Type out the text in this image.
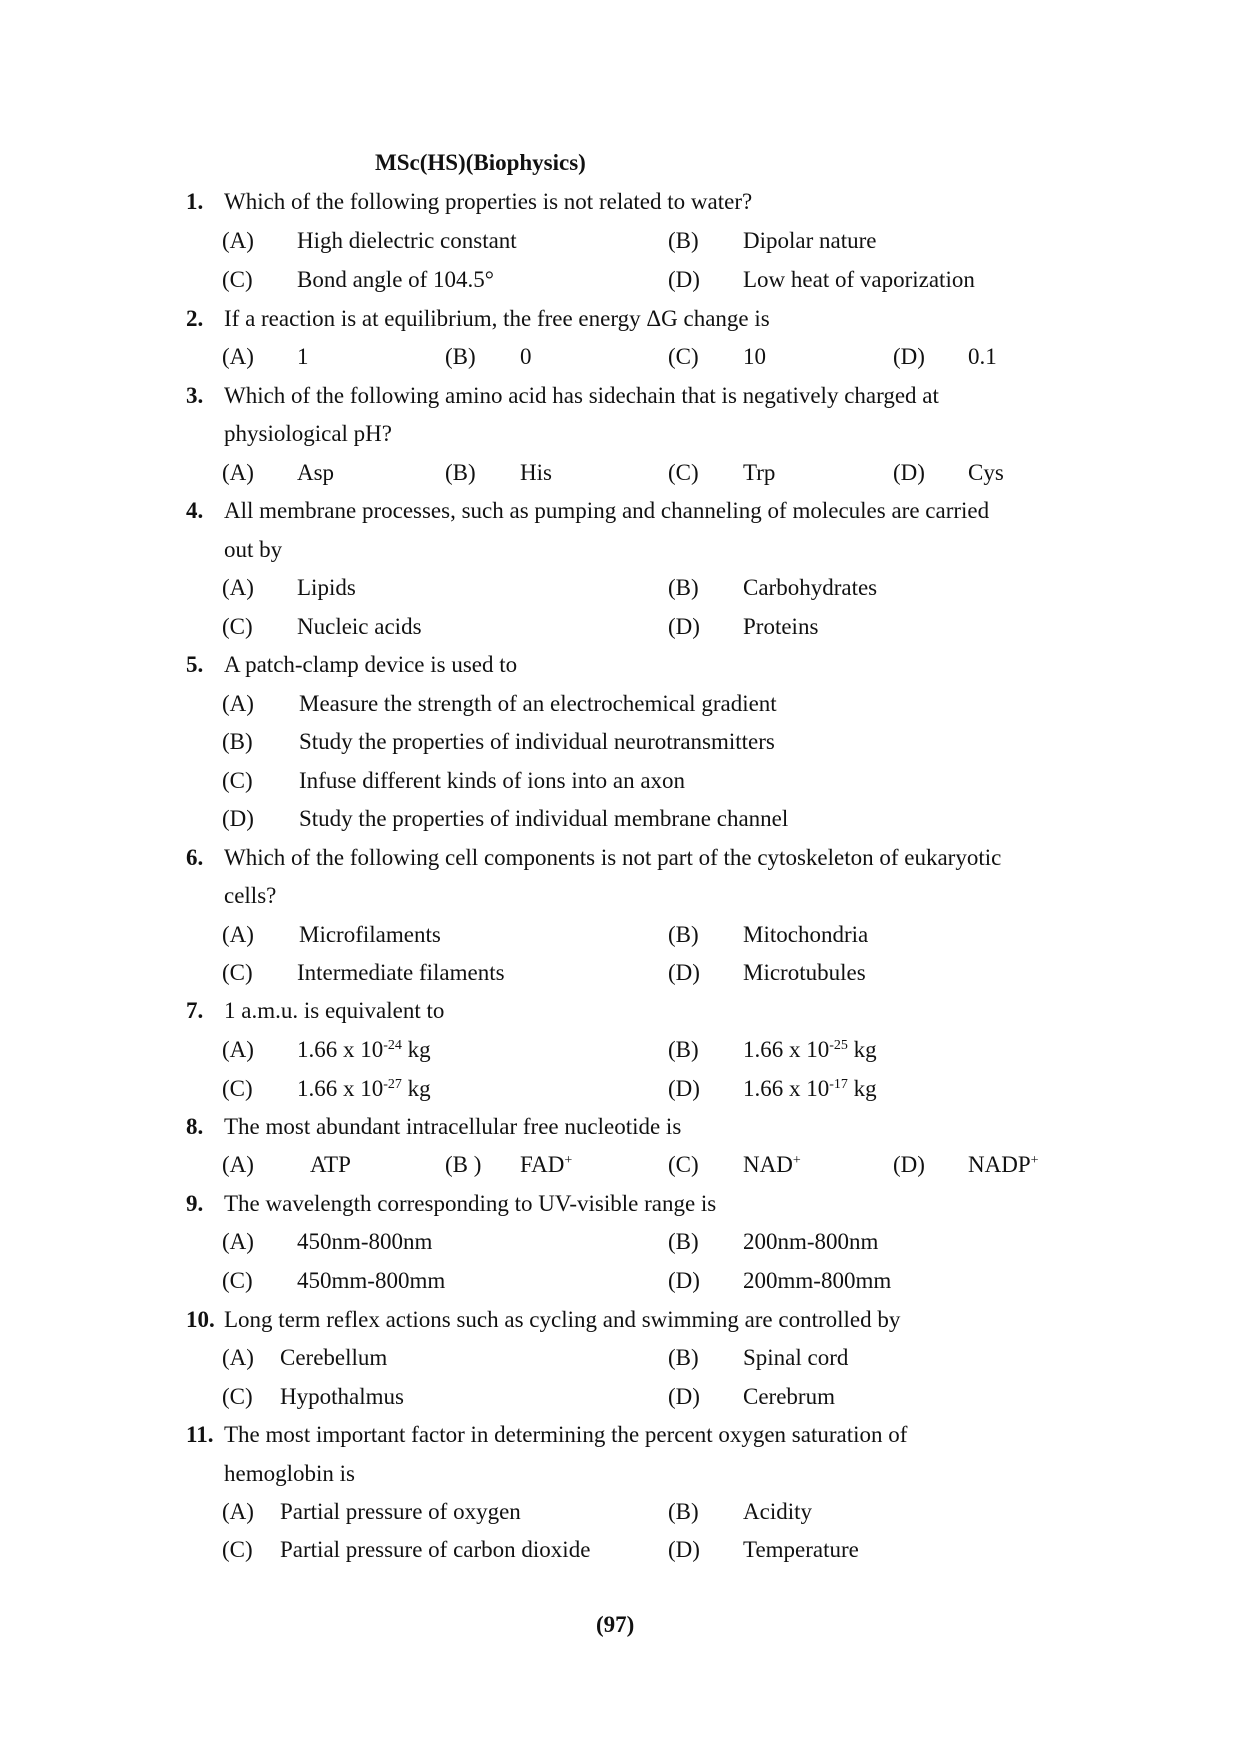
MSc(HS)(Biophysics)
1. Which of the following properties is not related to water?
(A) High dielectric constant	(B) Dipolar nature
(C) Bond angle of 104.5°	(D) Low heat of vaporization
2. If a reaction is at equilibrium, the free energy ΔG change is
(A) 1	(B) 0	(C) 10	(D) 0.1
3. Which of the following amino acid has sidechain that is negatively charged at
physiological pH?
(A) Asp	(B) His	(C) Trp	(D) Cys
4. All membrane processes, such as pumping and channeling of molecules are carried
out by
(A) Lipids	(B) Carbohydrates
(C) Nucleic acids	(D) Proteins
5. A patch-clamp device is used to
(A) Measure the strength of an electrochemical gradient
(B) Study the properties of individual neurotransmitters
(C) Infuse different kinds of ions into an axon
(D) Study the properties of individual membrane channel
6. Which of the following cell components is not part of the cytoskeleton of eukaryotic
cells?
(A) Microfilaments	(B) Mitochondria
(C) Intermediate filaments	(D) Microtubules
7. 1 a.m.u. is equivalent to
(A) 1.66 x $10^{-24}$ kg	(B) 1.66 x $10^{-25}$ kg
(C) 1.66 x $10^{-27}$ kg	(D) 1.66 x $10^{-17}$ kg
8. The most abundant intracellular free nucleotide is
(A) ATP	(B ) FAD+	(C) NAD+	(D) NADP+
9. The wavelength corresponding to UV-visible range is
(A) 450nm-800nm	(B) 200nm-800nm
(C) 450mm-800mm	(D) 200mm-800mm
10. Long term reflex actions such as cycling and swimming are controlled by
(A) Cerebellum	(B) Spinal cord
(C) Hypothalmus	(D) Cerebrum
11. The most important factor in determining the percent oxygen saturation of
hemoglobin is
(A) Partial pressure of oxygen	(B) Acidity
(C) Partial pressure of carbon dioxide	(D) Temperature
(97)
